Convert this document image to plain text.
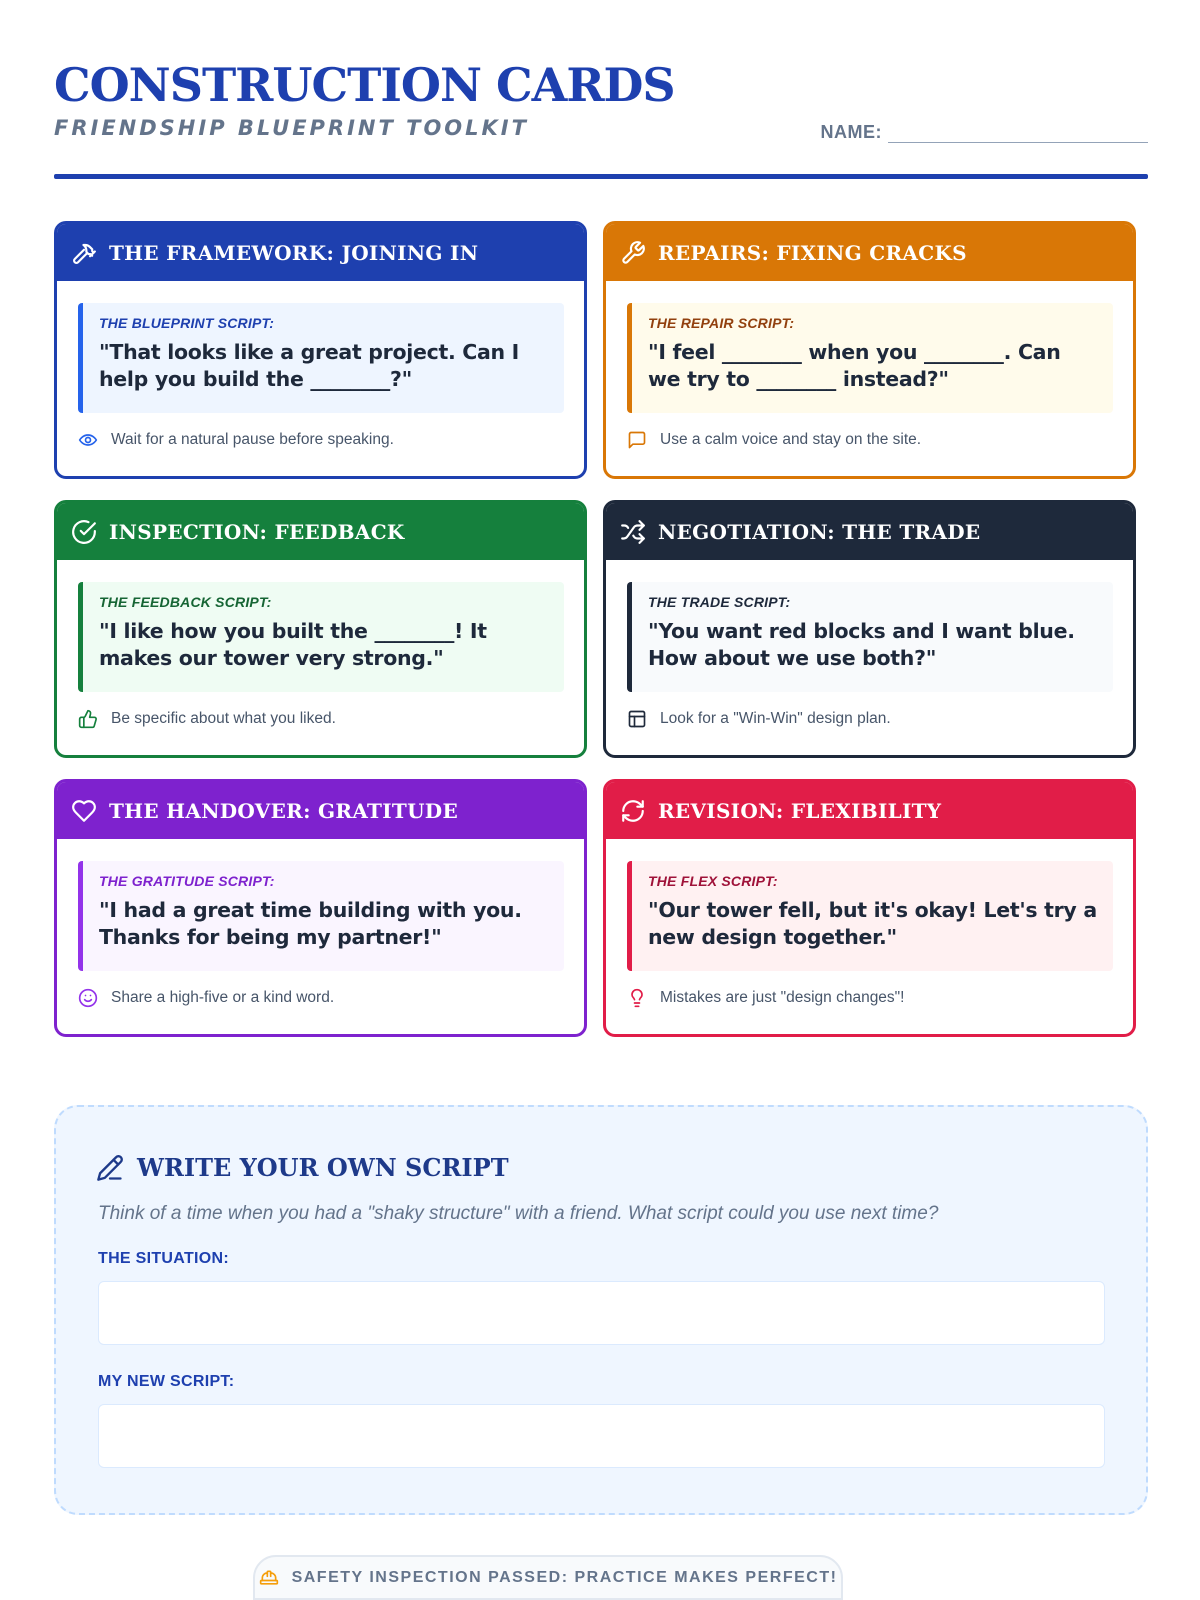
CONSTRUCTION CARDS
FRIENDSHIP BLUEPRINT TOOLKIT	NAME:
THE FRAMEWORK: JOINING IN
THE BLUEPRINT SCRIPT:
"That looks like a great project. Can I help you build the ________?"
Wait for a natural pause before speaking.
REPAIRS: FIXING CRACKS
THE REPAIR SCRIPT:
"I feel ________ when you ________. Can we try to ________ instead?"
Use a calm voice and stay on the site.
INSPECTION: FEEDBACK
THE FEEDBACK SCRIPT:
"I like how you built the ________! It makes our tower very strong."
Be specific about what you liked.
NEGOTIATION: THE TRADE
THE TRADE SCRIPT:
"You want red blocks and I want blue. How about we use both?"
Look for a "Win-Win" design plan.
THE HANDOVER: GRATITUDE
THE GRATITUDE SCRIPT:
"I had a great time building with you. Thanks for being my partner!"
Share a high-five or a kind word.
REVISION: FLEXIBILITY
THE FLEX SCRIPT:
"Our tower fell, but it's okay! Let's try a new design together."
Mistakes are just "design changes"!
WRITE YOUR OWN SCRIPT
Think of a time when you had a "shaky structure" with a friend. What script could you use next time?
THE SITUATION:
MY NEW SCRIPT:
SAFETY INSPECTION PASSED: PRACTICE MAKES PERFECT!
